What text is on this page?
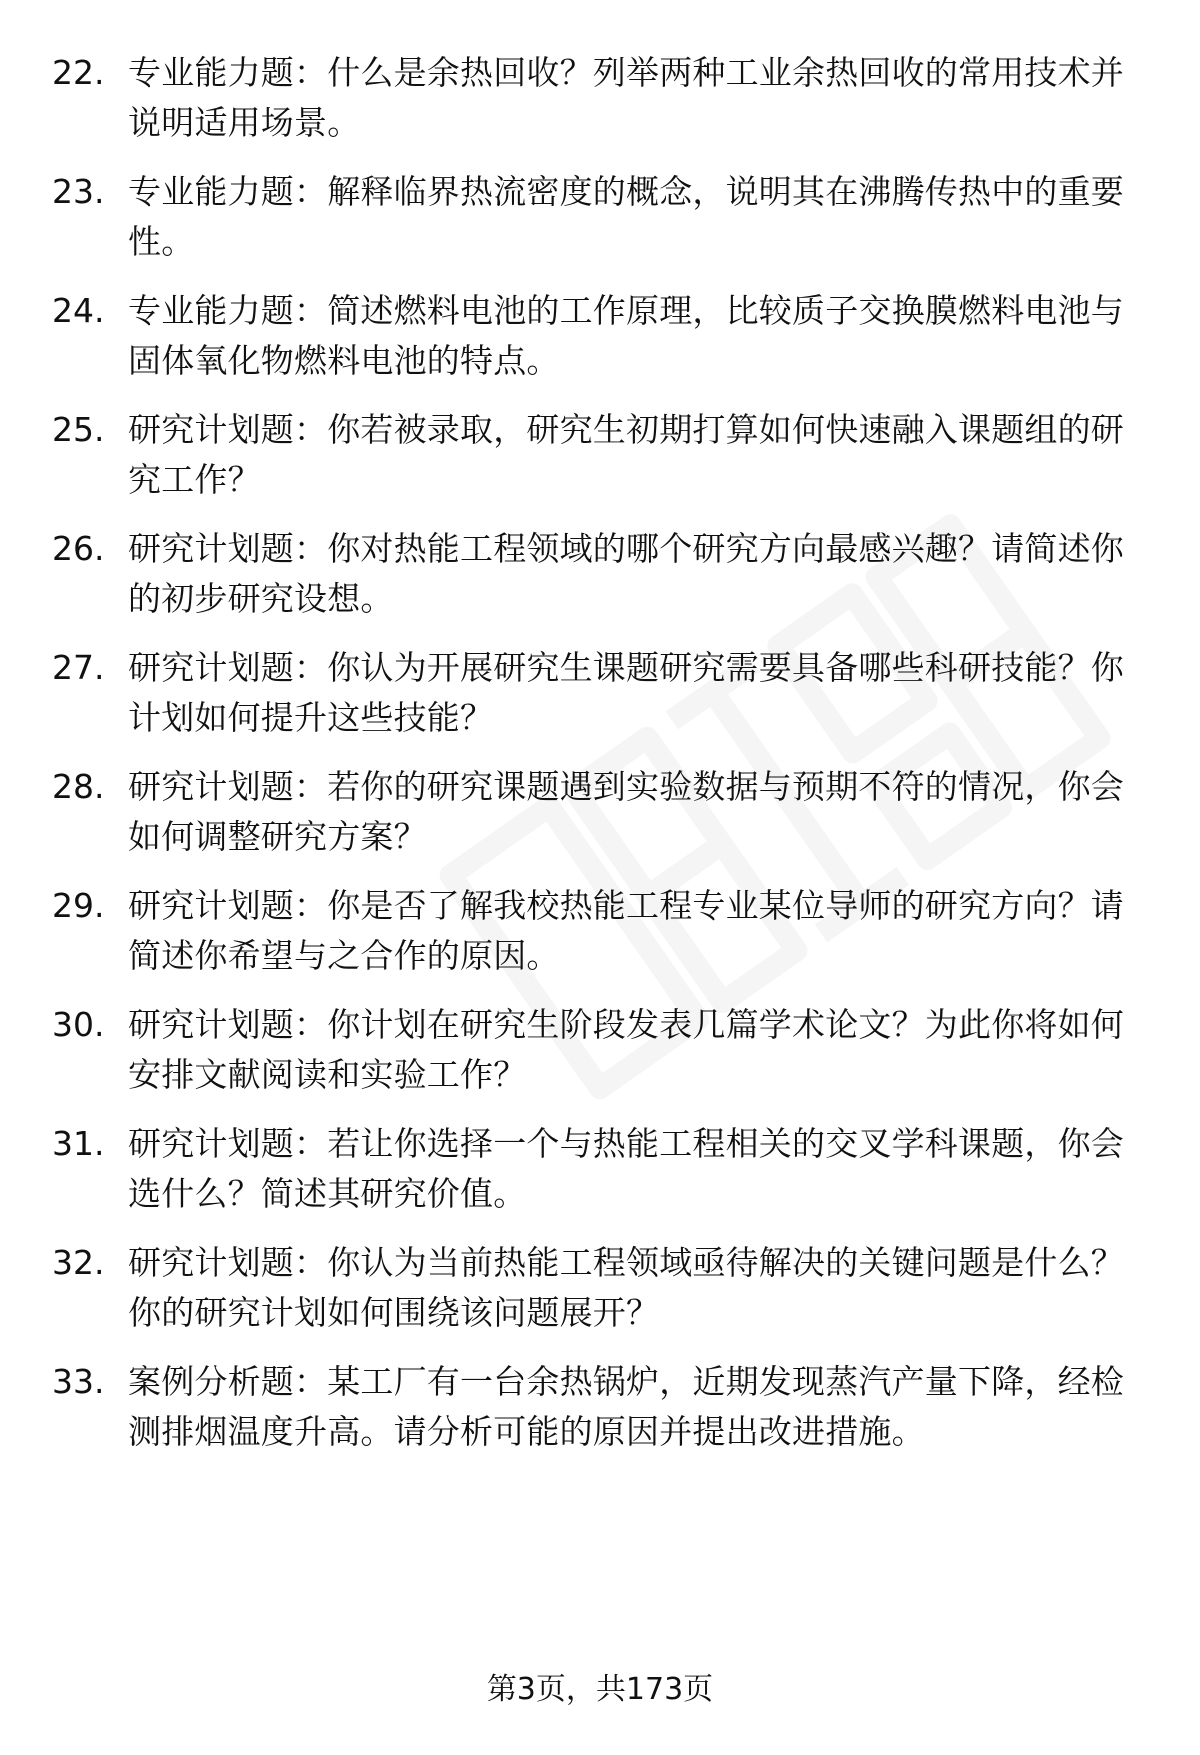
22. 专业能力题：什么是余热回收？列举两种工业余热回收的常用技术并说明适用场景。
23. 专业能力题：解释临界热流密度的概念，说明其在沸腾传热中的重要性。
24. 专业能力题：简述燃料电池的工作原理，比较质子交换膜燃料电池与固体氧化物燃料电池的特点。
25. 研究计划题：你若被录取，研究生初期打算如何快速融入课题组的研究工作？
26. 研究计划题：你对热能工程领域的哪个研究方向最感兴趣？请简述你的初步研究设想。
27. 研究计划题：你认为开展研究生课题研究需要具备哪些科研技能？你计划如何提升这些技能？
28. 研究计划题：若你的研究课题遇到实验数据与预期不符的情况，你会如何调整研究方案？
29. 研究计划题：你是否了解我校热能工程专业某位导师的研究方向？请简述你希望与之合作的原因。
30. 研究计划题：你计划在研究生阶段发表几篇学术论文？为此你将如何安排文献阅读和实验工作？
31. 研究计划题：若让你选择一个与热能工程相关的交叉学科课题，你会选什么？简述其研究价值。
32. 研究计划题：你认为当前热能工程领域亟待解决的关键问题是什么？你的研究计划如何围绕该问题展开？
33. 案例分析题：某工厂有一台余热锅炉，近期发现蒸汽产量下降，经检测排烟温度升高。请分析可能的原因并提出改进措施。
第3页，共173页
